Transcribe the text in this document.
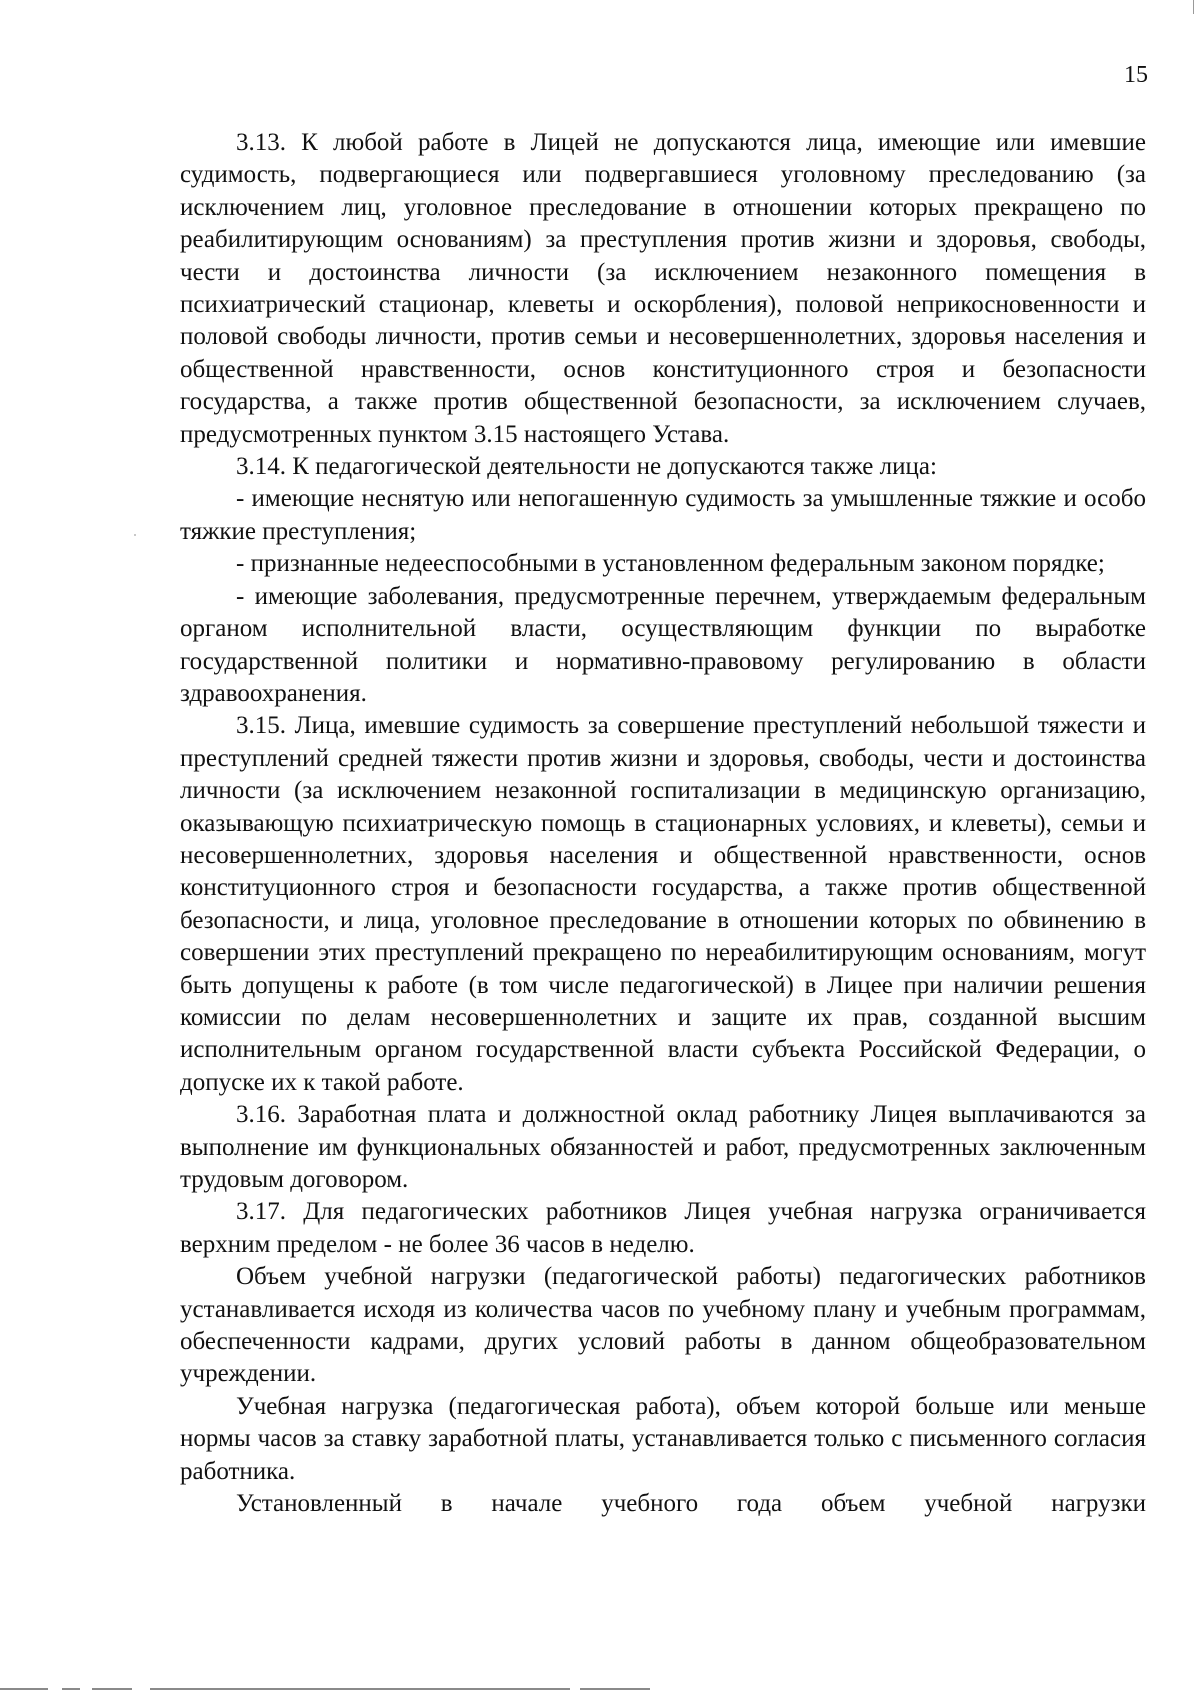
15

3.13. К любой работе в Лицей не допускаются лица, имеющие или имевшие судимость, подвергающиеся или подвергавшиеся уголовному преследованию (за исключением лиц, уголовное преследование в отношении которых прекращено по реабилитирующим основаниям) за преступления против жизни и здоровья, свободы, чести и достоинства личности (за исключением незаконного помещения в психиатрический стационар, клеветы и оскорбления), половой неприкосновенности и половой свободы личности, против семьи и несовершеннолетних, здоровья населения и общественной нравственности, основ конституционного строя и безопасности государства, а также против общественной безопасности, за исключением случаев, предусмотренных пунктом 3.15 настоящего Устава.

3.14. К педагогической деятельности не допускаются также лица:

- имеющие неснятую или непогашенную судимость за умышленные тяжкие и особо тяжкие преступления;

- признанные недееспособными в установленном федеральным законом порядке;

- имеющие заболевания, предусмотренные перечнем, утверждаемым федеральным органом исполнительной власти, осуществляющим функции по выработке государственной политики и нормативно-правовому регулированию в области здравоохранения.

3.15. Лица, имевшие судимость за совершение преступлений небольшой тяжести и преступлений средней тяжести против жизни и здоровья, свободы, чести и достоинства личности (за исключением незаконной госпитализации в медицинскую организацию, оказывающую психиатрическую помощь в стационарных условиях, и клеветы), семьи и несовершеннолетних, здоровья населения и общественной нравственности, основ конституционного строя и безопасности государства, а также против общественной безопасности, и лица, уголовное преследование в отношении которых по обвинению в совершении этих преступлений прекращено по нереабилитирующим основаниям, могут быть допущены к работе (в том числе педагогической) в Лицее при наличии решения комиссии по делам несовершеннолетних и защите их прав, созданной высшим исполнительным органом государственной власти субъекта Российской Федерации, о допуске их к такой работе.

3.16. Заработная плата и должностной оклад работнику Лицея выплачиваются за выполнение им функциональных обязанностей и работ, предусмотренных заключенным трудовым договором.

3.17. Для педагогических работников Лицея учебная нагрузка ограничивается верхним пределом - не более 36 часов в неделю.

Объем учебной нагрузки (педагогической работы) педагогических работников устанавливается исходя из количества часов по учебному плану и учебным программам, обеспеченности кадрами, других условий работы в данном общеобразовательном учреждении.

Учебная нагрузка (педагогическая работа), объем которой больше или меньше нормы часов за ставку заработной платы, устанавливается только с письменного согласия работника.

Установленный в начале учебного года объем учебной нагрузки
